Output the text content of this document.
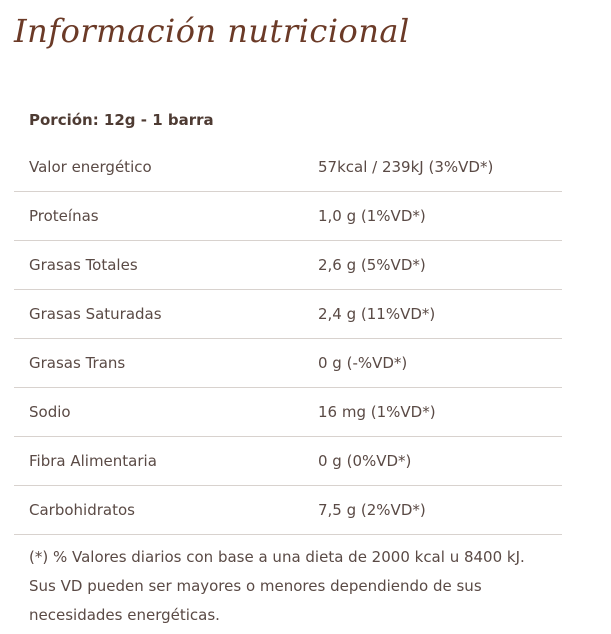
Información nutricional
Porción: 12g - 1 barra
Valor energético	57kcal / 239kJ (3%VD*)
Proteínas	1,0 g (1%VD*)
Grasas Totales	2,6 g (5%VD*)
Grasas Saturadas	2,4 g (11%VD*)
Grasas Trans	0 g (-%VD*)
Sodio	16 mg (1%VD*)
Fibra Alimentaria	0 g (0%VD*)
Carbohidratos	7,5 g (2%VD*)

(*) % Valores diarios con base a una dieta de 2000 kcal u 8400 kJ. Sus VD pueden ser mayores o menores dependiendo de sus necesidades energéticas.
